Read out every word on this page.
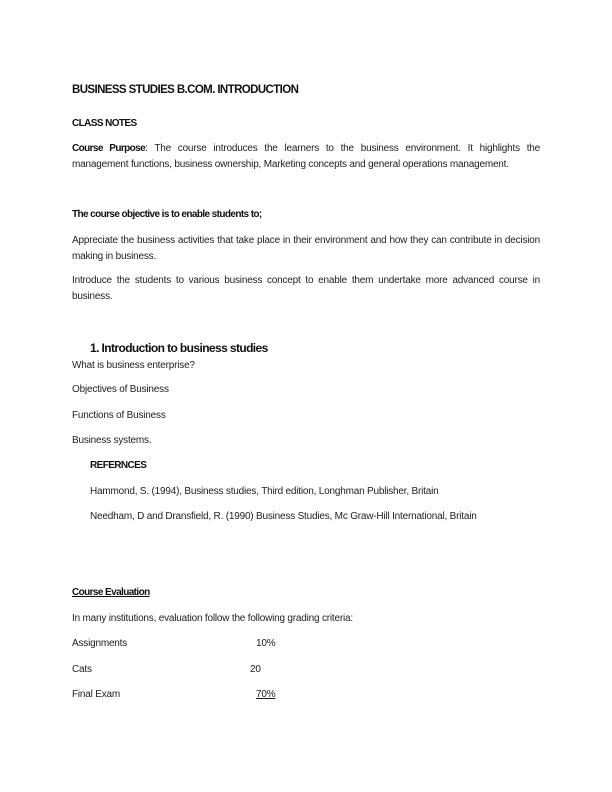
BUSINESS STUDIES B.COM. INTRODUCTION
CLASS NOTES
Course Purpose: The course introduces the learners to the business environment. It highlights the management functions, business ownership, Marketing concepts and general operations management.
The course objective is to enable students to;
Appreciate the business activities that take place in their environment and how they can contribute in decision making in business.
Introduce the students to various business concept to enable them undertake more advanced course in business.
1. Introduction to business studies
What is business enterprise?
Objectives of Business
Functions of Business
Business systems.
REFERNCES
Hammond, S. (1994), Business studies, Third edition, Longhman Publisher, Britain
Needham, D and Dransfield, R. (1990) Business Studies, Mc Graw-Hill International, Britain
Course Evaluation
In many institutions, evaluation follow the following grading criteria:
Assignments	10%
Cats	20
Final Exam	70%
